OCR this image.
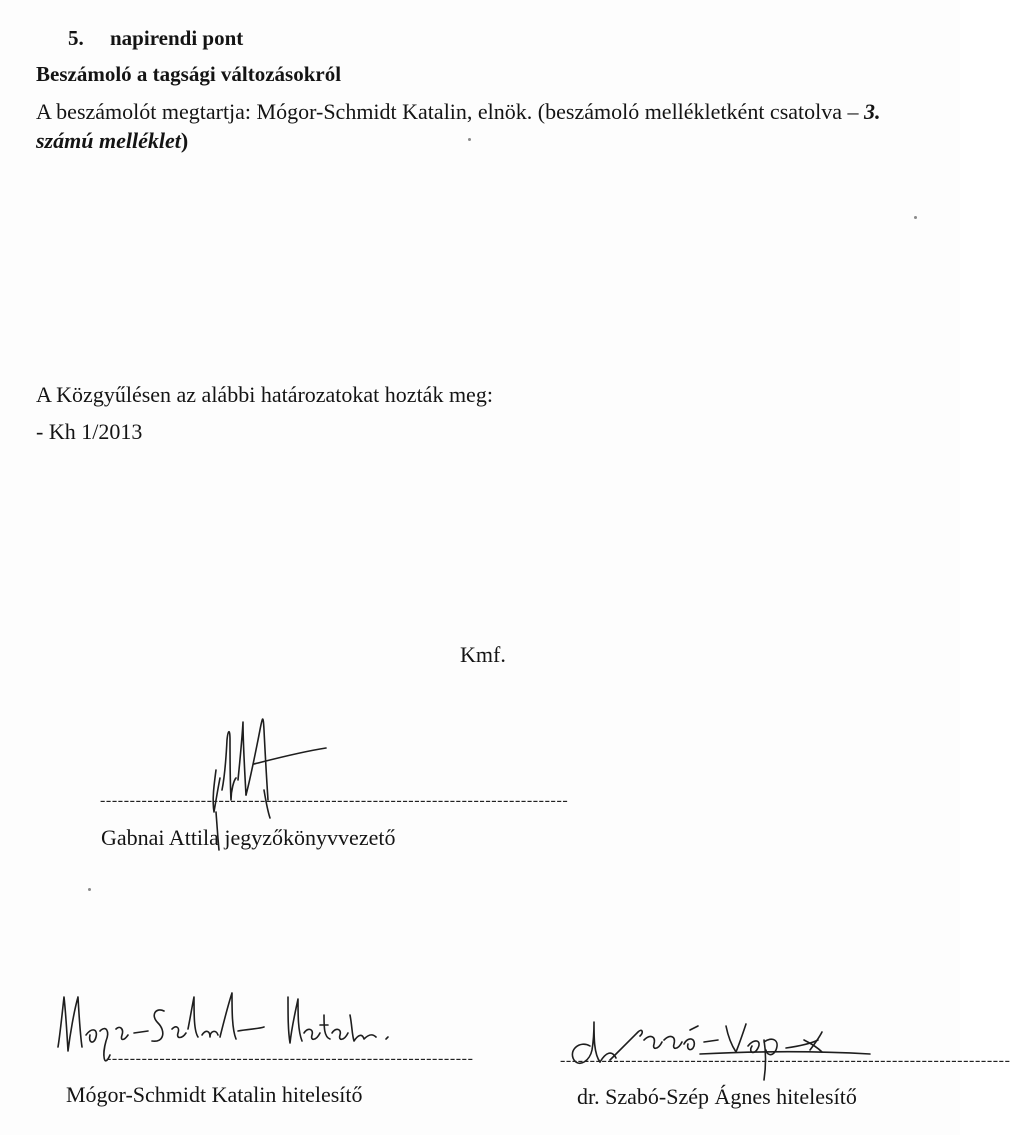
5. napirendi pont
Beszámoló a tagsági változásokról
A beszámolót megtartja: Mógor-Schmidt Katalin, elnök. (beszámoló mellékletként csatolva – 3.
számú melléklet)
A Közgyűlésen az alábbi határozatokat hozták meg:
- Kh 1/2013
Kmf.
-------------------------------------------------------------------------------
Gabnai Attila jegyzőkönyvvezető
--------------------------------------------------------------
Mógor-Schmidt Katalin hitelesítő
----------------------------------------------------------------------------
dr. Szabó-Szép Ágnes hitelesítő
